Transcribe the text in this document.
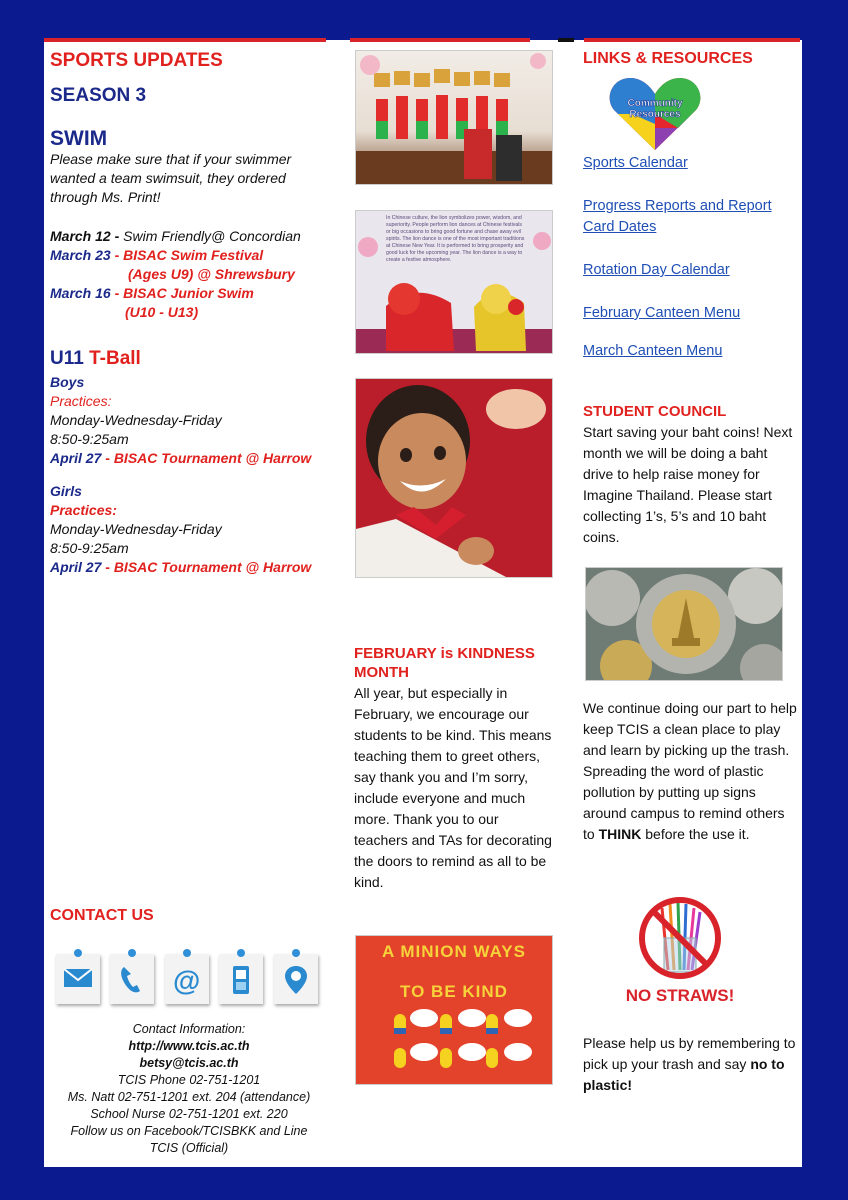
SPORTS UPDATES
SEASON 3
SWIM
Please make sure that if your swimmer wanted a team swimsuit, they ordered through Ms. Print!
March 12 - Swim Friendly@ Concordian
March 23 - BISAC Swim Festival
(Ages U9) @ Shrewsbury
March 16 - BISAC Junior Swim
(U10 - U13)
U11 T-Ball
Boys
Practices:
Monday-Wednesday-Friday
8:50-9:25am
April 27 - BISAC Tournament @ Harrow
Girls
Practices:
Monday-Wednesday-Friday
8:50-9:25am
April 27 - BISAC Tournament @ Harrow
CONTACT US

@

Contact Information:
http://www.tcis.ac.th
betsy@tcis.ac.th
TCIS Phone 02-751-1201
Ms. Natt 02-751-1201 ext. 204 (attendance)
School Nurse 02-751-1201 ext. 220
Follow us on Facebook/TCISBKK and Line
TCIS (Official)
In Chinese culture, the lion symbolizes power, wisdom, and superiority. People perform lion dances at Chinese festivals or big occasions to bring good fortune and chase away evil spirits. The lion dance is one of the most important traditions at Chinese New Year. It is performed to bring prosperity and good luck for the upcoming year. The lion dance is a way to create a festive atmosphere.
FEBRUARY is KINDNESS MONTH
All year, but especially in February, we encourage our students to be kind. This means teaching them to greet others, say thank you and I’m sorry, include everyone and much more. Thank you to our teachers and TAs for decorating the doors to remind as all to be kind.
A MINION WAYS
TO BE KIND
LINKS & RESOURCES
Community Resources
Sports Calendar
Progress Reports and Report Card Dates
Rotation Day Calendar
February Canteen Menu
March Canteen Menu
STUDENT COUNCIL
Start saving your baht coins! Next month we will be doing a baht drive to help raise money for Imagine Thailand. Please start collecting 1’s, 5’s and 10 baht coins.
We continue doing our part to help keep TCIS a clean place to play and learn by picking up the trash. Spreading the word of plastic pollution by putting up signs around campus to remind others to THINK before the use it.
NO STRAWS!
Please help us by remembering to pick up your trash and say no to plastic!
